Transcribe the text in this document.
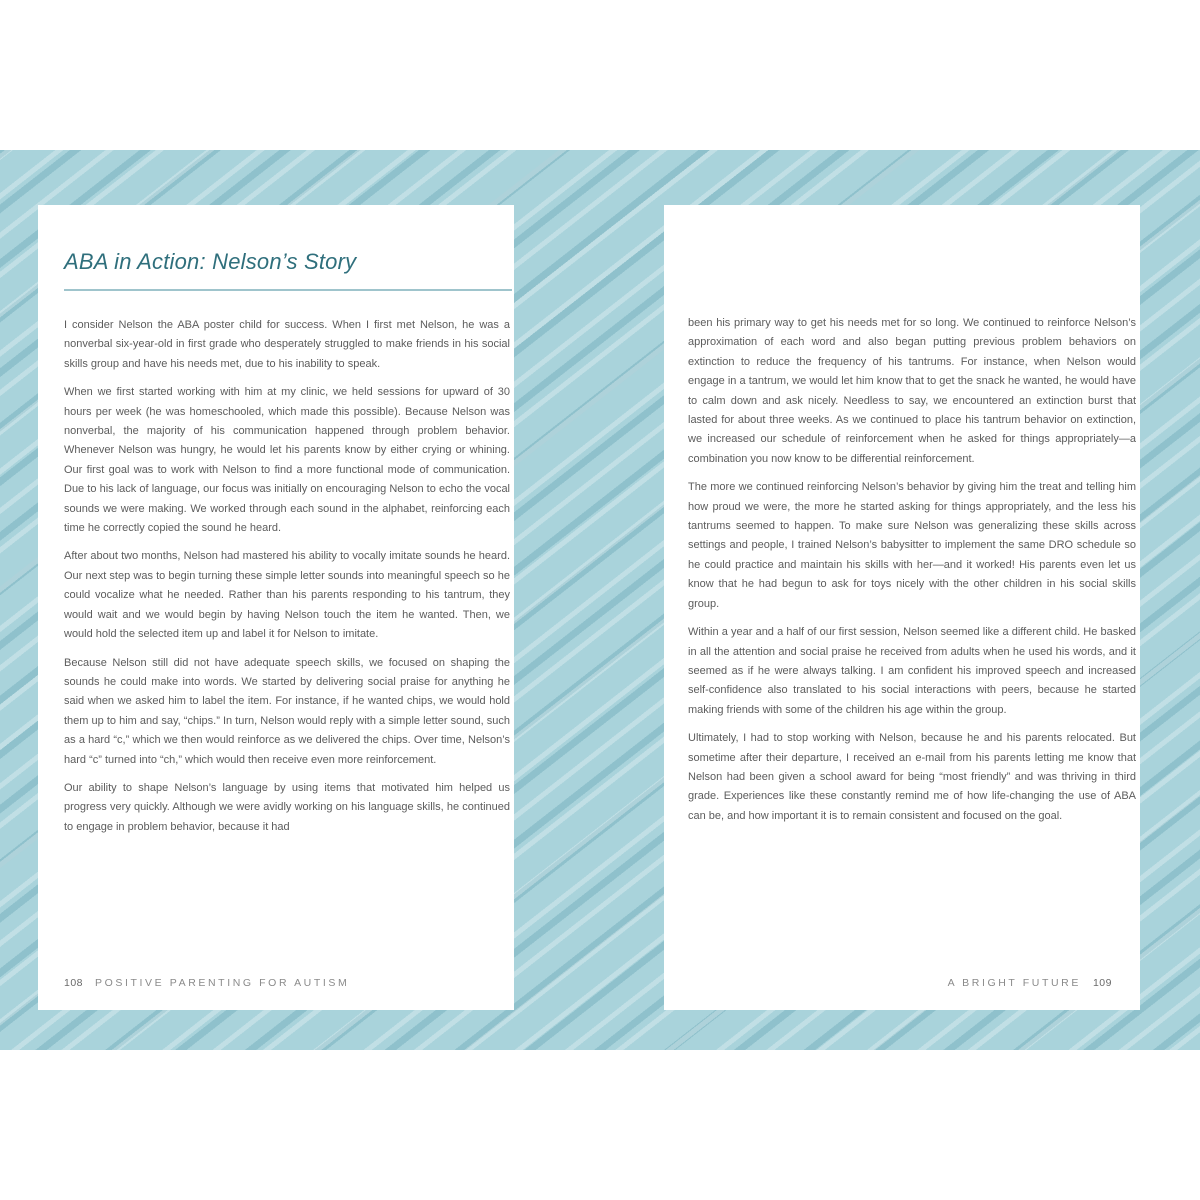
ABA in Action: Nelson’s Story

I consider Nelson the ABA poster child for success. When I first met Nelson, he was a nonverbal six-year-old in first grade who desperately struggled to make friends in his social skills group and have his needs met, due to his inability to speak.

When we first started working with him at my clinic, we held sessions for upward of 30 hours per week (he was homeschooled, which made this possible). Because Nelson was nonverbal, the majority of his communication happened through problem behavior. Whenever Nelson was hungry, he would let his parents know by either crying or whining. Our first goal was to work with Nelson to find a more functional mode of communication. Due to his lack of language, our focus was initially on encouraging Nelson to echo the vocal sounds we were making. We worked through each sound in the alphabet, reinforcing each time he correctly copied the sound he heard.

After about two months, Nelson had mastered his ability to vocally imitate sounds he heard. Our next step was to begin turning these simple letter sounds into meaningful speech so he could vocalize what he needed. Rather than his parents responding to his tantrum, they would wait and we would begin by having Nelson touch the item he wanted. Then, we would hold the selected item up and label it for Nelson to imitate.

Because Nelson still did not have adequate speech skills, we focused on shaping the sounds he could make into words. We started by delivering social praise for anything he said when we asked him to label the item. For instance, if he wanted chips, we would hold them up to him and say, “chips.” In turn, Nelson would reply with a simple letter sound, such as a hard “c,” which we then would reinforce as we delivered the chips. Over time, Nelson’s hard “c” turned into “ch,” which would then receive even more reinforcement.

Our ability to shape Nelson’s language by using items that motivated him helped us progress very quickly. Although we were avidly working on his language skills, he continued to engage in problem behavior, because it had

108 POSITIVE PARENTING FOR AUTISM

been his primary way to get his needs met for so long. We continued to reinforce Nelson’s approximation of each word and also began putting previous problem behaviors on extinction to reduce the frequency of his tantrums. For instance, when Nelson would engage in a tantrum, we would let him know that to get the snack he wanted, he would have to calm down and ask nicely. Needless to say, we encountered an extinction burst that lasted for about three weeks. As we continued to place his tantrum behavior on extinction, we increased our schedule of reinforcement when he asked for things appropriately—a combination you now know to be differential reinforcement.

The more we continued reinforcing Nelson’s behavior by giving him the treat and telling him how proud we were, the more he started asking for things appropriately, and the less his tantrums seemed to happen. To make sure Nelson was generalizing these skills across settings and people, I trained Nelson’s babysitter to implement the same DRO schedule so he could practice and maintain his skills with her—and it worked! His parents even let us know that he had begun to ask for toys nicely with the other children in his social skills group.

Within a year and a half of our first session, Nelson seemed like a different child. He basked in all the attention and social praise he received from adults when he used his words, and it seemed as if he were always talking. I am confident his improved speech and increased self-confidence also translated to his social interactions with peers, because he started making friends with some of the children his age within the group.

Ultimately, I had to stop working with Nelson, because he and his parents relocated. But sometime after their departure, I received an e-mail from his parents letting me know that Nelson had been given a school award for being “most friendly” and was thriving in third grade. Experiences like these constantly remind me of how life-changing the use of ABA can be, and how important it is to remain consistent and focused on the goal.

A BRIGHT FUTURE 109
